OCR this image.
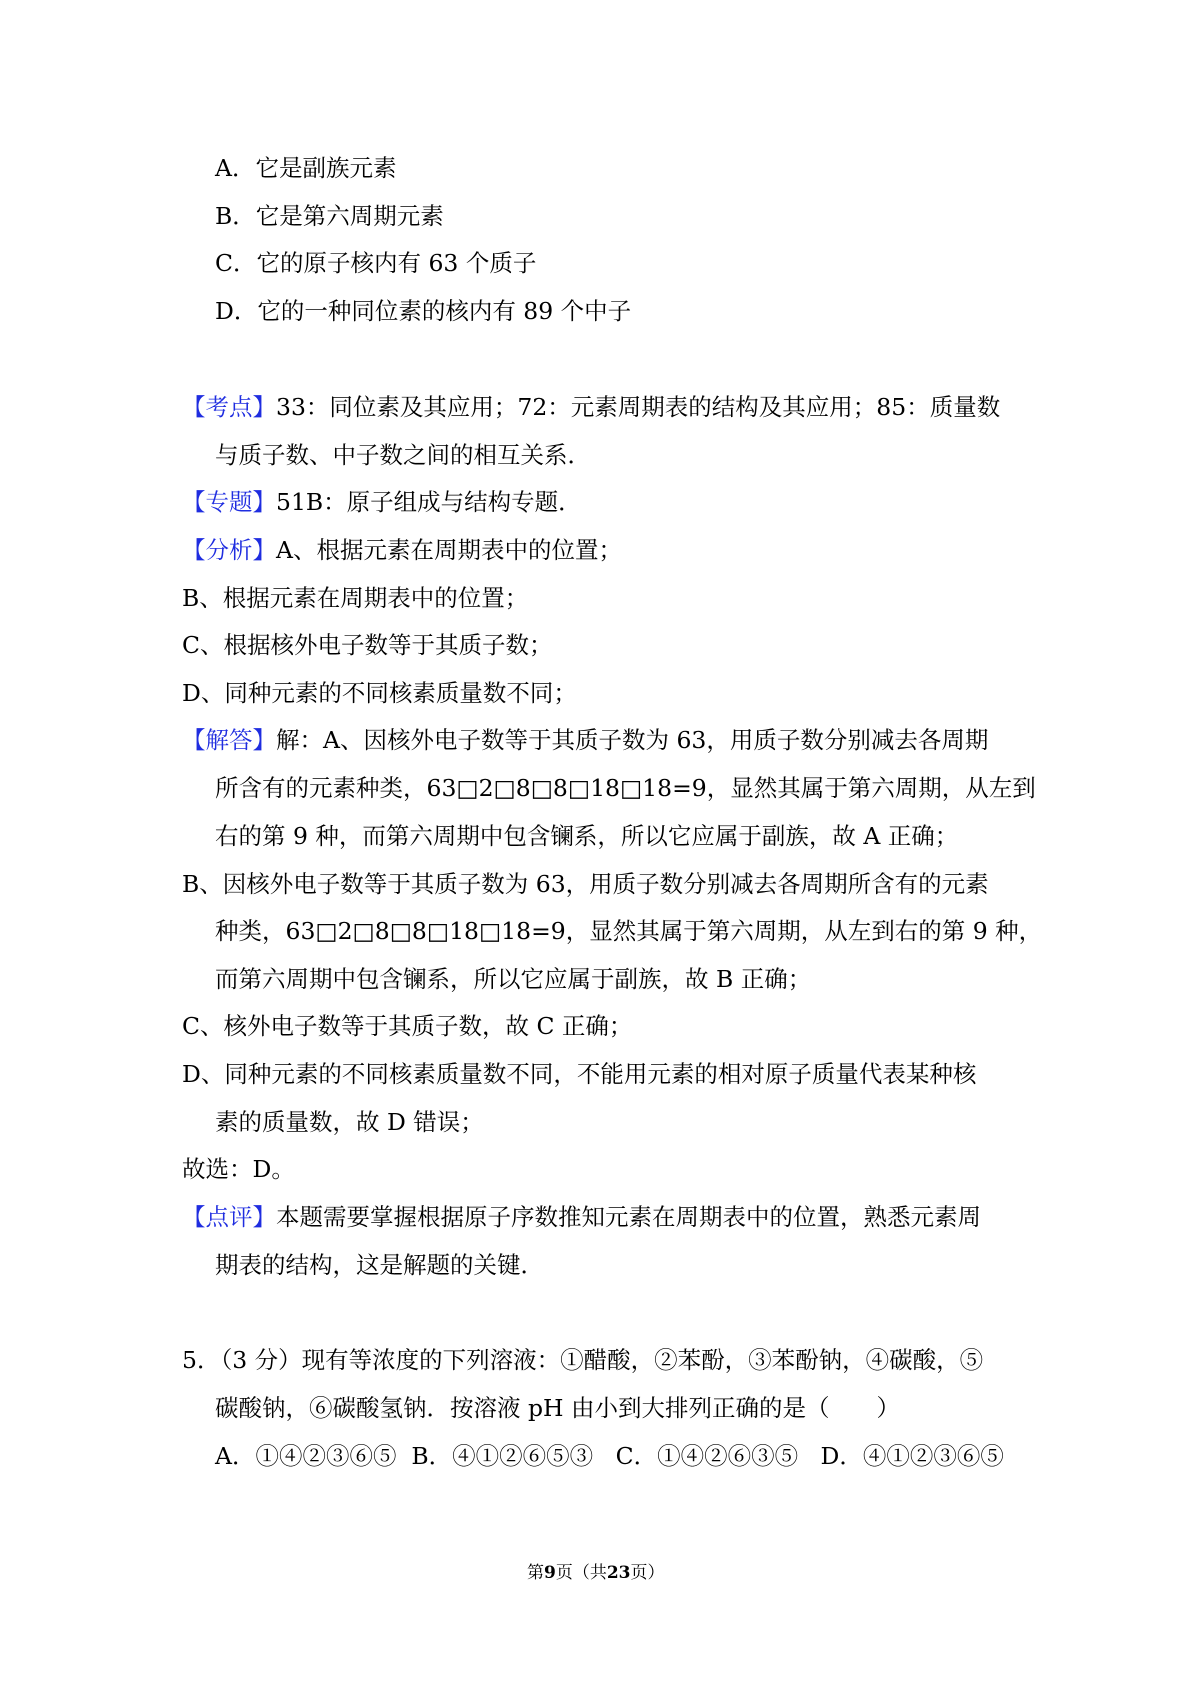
A．它是副族元素
B．它是第六周期元素
C．它的原子核内有 63 个质子
D．它的一种同位素的核内有 89 个中子
【考点】33：同位素及其应用；72：元素周期表的结构及其应用；85：质量数
与质子数、中子数之间的相互关系．
【专题】51B：原子组成与结构专题．
【分析】A、根据元素在周期表中的位置；
B、根据元素在周期表中的位置；
C、根据核外电子数等于其质子数；
D、同种元素的不同核素质量数不同；
【解答】解：A、因核外电子数等于其质子数为 63，用质子数分别减去各周期
所含有的元素种类，63□2□8□8□18□18=9，显然其属于第六周期，从左到
右的第 9 种，而第六周期中包含镧系，所以它应属于副族，故 A 正确；
B、因核外电子数等于其质子数为 63，用质子数分别减去各周期所含有的元素
种类，63□2□8□8□18□18=9，显然其属于第六周期，从左到右的第 9 种，
而第六周期中包含镧系，所以它应属于副族，故 B 正确；
C、核外电子数等于其质子数，故 C 正确；
D、同种元素的不同核素质量数不同，不能用元素的相对原子质量代表某种核
素的质量数，故 D 错误；
故选：D。
【点评】本题需要掌握根据原子序数推知元素在周期表中的位置，熟悉元素周
期表的结构，这是解题的关键．
5．（3 分）现有等浓度的下列溶液：①醋酸，②苯酚，③苯酚钠，④碳酸，⑤
碳酸钠，⑥碳酸氢钠．按溶液 pH 由小到大排列正确的是（　　）
A．①④②③⑥⑤  B．④①②⑥⑤③   C．①④②⑥③⑤   D．④①②③⑥⑤
第9页（共23页）
